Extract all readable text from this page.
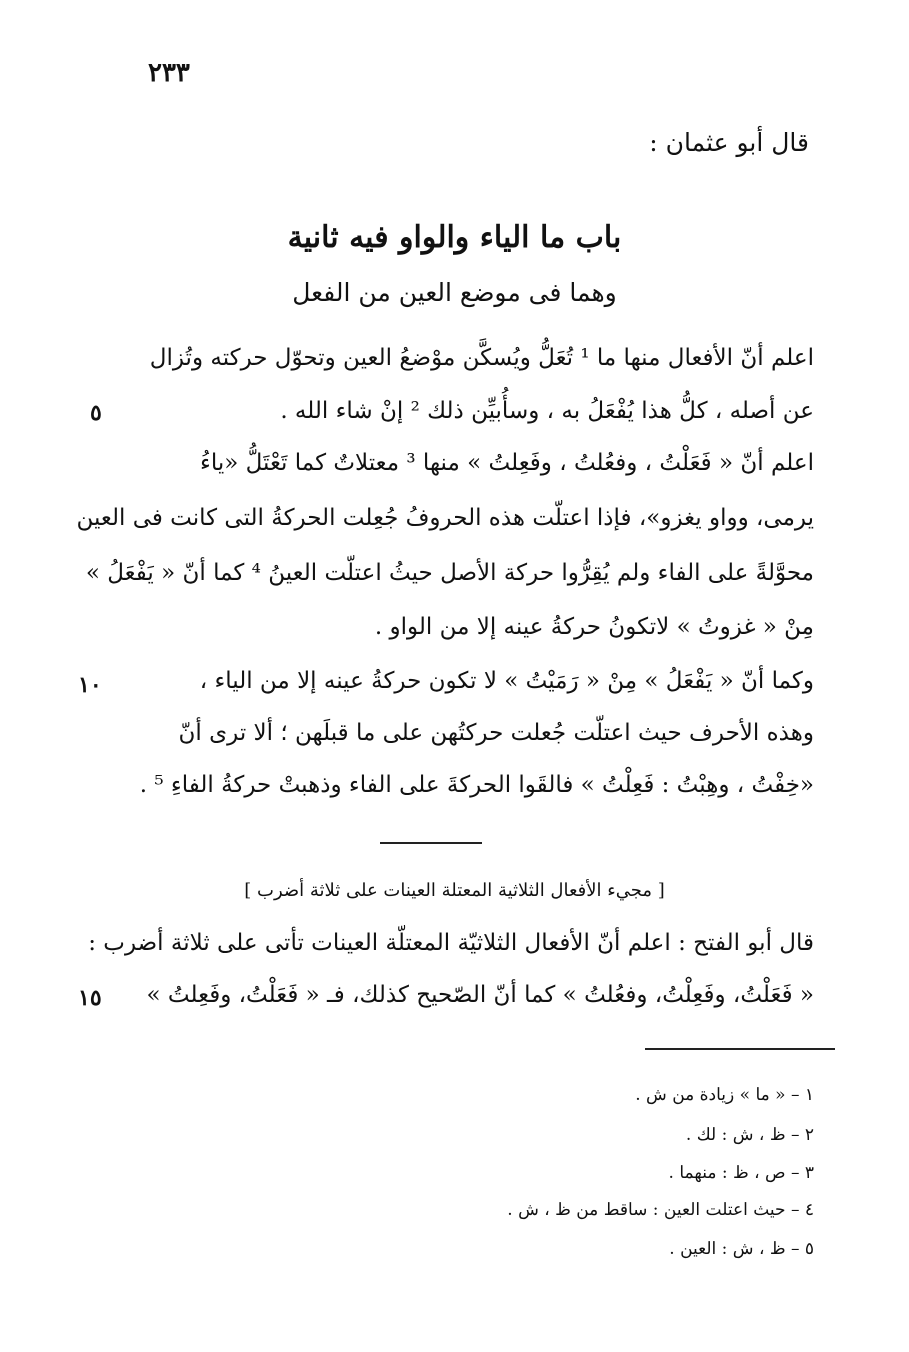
٢٣٣
قال أبو عثمان :
باب ما الياء والواو فيه ثانية
وهما فى موضع العين من الفعل
اعلم أنّ الأفعال منها ما ¹ تُعَلُّ ويُسكَّن موْضعُ العين وتحوّل حركته وتُزال
عن أصله ، كلُّ هذا يُفْعَلُ به ، وسأُبيِّن ذلك ² إنْ شاء الله .
اعلم أنّ « فَعَلْتُ ، وفعُلتُ ، وفَعِلتُ » منها ³ معتلاتٌ كما تَعْتَلُّ «ياءُ
يرمى، وواو يغزو»، فإذا اعتلّت هذه الحروفُ جُعِلت الحركةُ التى كانت فى العين
محوَّلةً على الفاء ولم يُقِرُّوا حركة الأصل حيثُ اعتلّت العينُ ⁴ كما أنّ « يَفْعَلُ »
مِنْ « غزوتُ » لاتكونُ حركةُ عينه إلا من الواو .
وكما أنّ « يَفْعَلُ » مِنْ « رَمَيْتُ » لا تكون حركةُ عينه إلا من الياء ،
وهذه الأحرف حيث اعتلّت جُعلت حركتُهن على ما قبلَهن ؛ ألا ترى أنّ
«خِفْتُ ، وهِبْتُ : فَعِلْتُ » فالقَوا الحركةَ على الفاء وذهبتْ حركةُ الفاءِ ⁵ .
٥
١٠
١٥
[ مجيء الأفعال الثلاثية المعتلة العينات على ثلاثة أضرب ]
قال أبو الفتح : اعلم أنّ الأفعال الثلاثيّة المعتلّة العينات تأتى على ثلاثة أضرب :
« فَعَلْتُ، وفَعِلْتُ، وفعُلتُ » كما أنّ الصّحيح كذلك، فـ « فَعَلْتُ، وفَعِلتُ »
١ – « ما » زيادة من ش .
٢ – ظ ، ش : لك .
٣ – ص ، ظ : منهما .
٤ – حيث اعتلت العين : ساقط من ظ ، ش .
٥ – ظ ، ش : العين .
